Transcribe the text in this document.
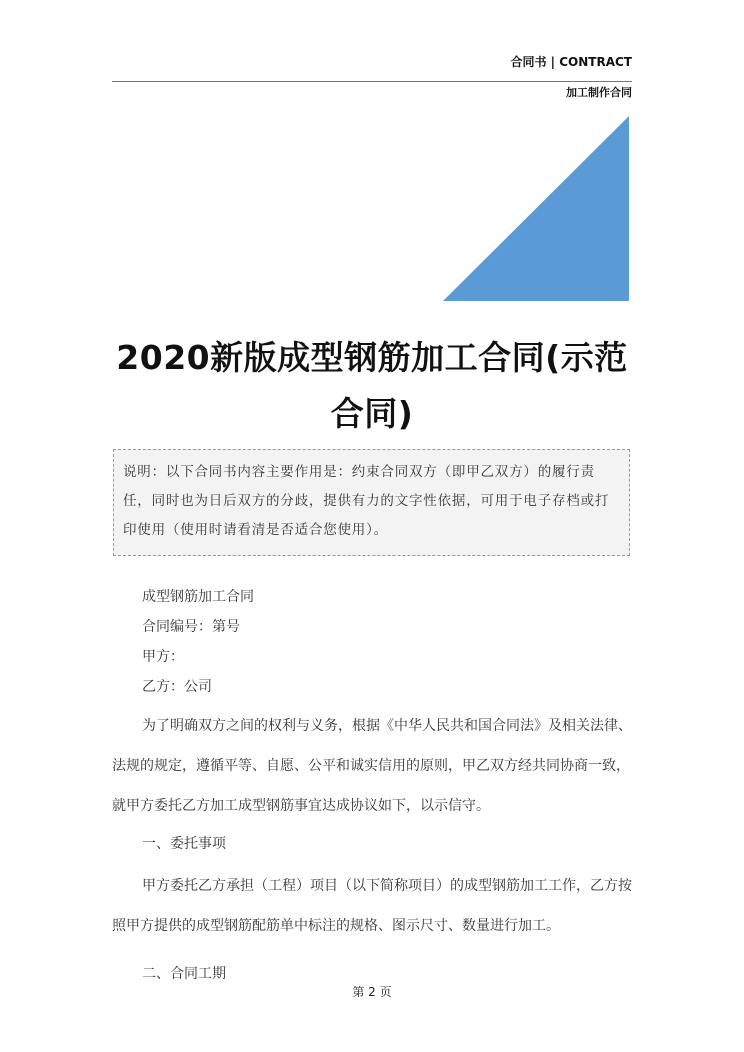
合同书 | CONTRACT
加工制作合同
2020新版成型钢筋加工合同(示范合同)
说明：以下合同书内容主要作用是：约束合同双方（即甲乙双方）的履行责任，同时也为日后双方的分歧，提供有力的文字性依据，可用于电子存档或打印使用（使用时请看清是否适合您使用）。
成型钢筋加工合同
合同编号：第号
甲方：
乙方：公司
为了明确双方之间的权利与义务，根据《中华人民共和国合同法》及相关法律、法规的规定，遵循平等、自愿、公平和诚实信用的原则，甲乙双方经共同协商一致，就甲方委托乙方加工成型钢筋事宜达成协议如下，以示信守。
一、委托事项
甲方委托乙方承担（工程）项目（以下简称项目）的成型钢筋加工工作，乙方按照甲方提供的成型钢筋配筋单中标注的规格、图示尺寸、数量进行加工。
二、合同工期
第 2 页
